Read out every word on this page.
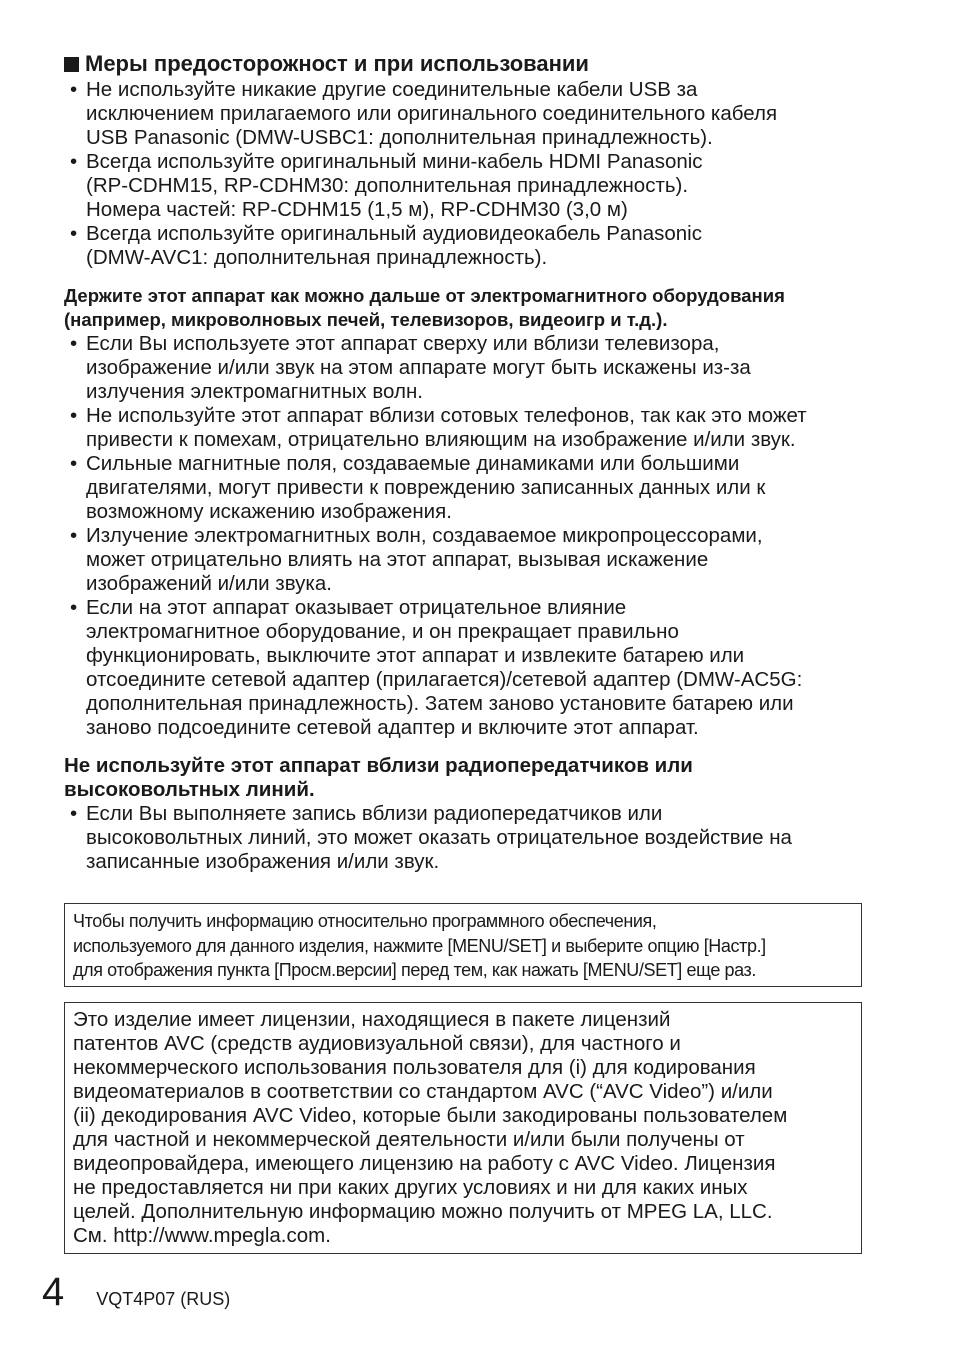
Меры предосторожност и при использовании
• Не используйте никакие другие соединительные кабели USB за
исключением прилагаемого или оригинального соединительного кабеля
USB Panasonic (DMW-USBC1: дополнительная принадлежность).
• Всегда используйте оригинальный мини-кабель HDMI Panasonic
(RP-CDHM15, RP-CDHM30: дополнительная принадлежность).
Номера частей: RP-CDHM15 (1,5 м), RP-CDHM30 (3,0 м)
• Всегда используйте оригинальный аудиовидеокабель Panasonic
(DMW-AVC1: дополнительная принадлежность).
Держите этот аппарат как можно дальше от электромагнитного оборудования
(например, микроволновых печей, телевизоров, видеоигр и т.д.).
• Если Вы используете этот аппарат сверху или вблизи телевизора,
изображение и/или звук на этом аппарате могут быть искажены из-за
излучения электромагнитных волн.
• Не используйте этот аппарат вблизи сотовых телефонов, так как это может
привести к помехам, отрицательно влияющим на изображение и/или звук.
• Сильные магнитные поля, создаваемые динамиками или большими
двигателями, могут привести к повреждению записанных данных или к
возможному искажению изображения.
• Излучение электромагнитных волн, создаваемое микропроцессорами,
может отрицательно влиять на этот аппарат, вызывая искажение
изображений и/или звука.
• Если на этот аппарат оказывает отрицательное влияние
электромагнитное оборудование, и он прекращает правильно
функционировать, выключите этот аппарат и извлеките батарею или
отсоедините сетевой адаптер (прилагается)/сетевой адаптер (DMW-AC5G:
дополнительная принадлежность). Затем заново установите батарею или
заново подсоедините сетевой адаптер и включите этот аппарат.
Не используйте этот аппарат вблизи радиопередатчиков или
высоковольтных линий.
• Если Вы выполняете запись вблизи радиопередатчиков или
высоковольтных линий, это может оказать отрицательное воздействие на
записанные изображения и/или звук.
Чтобы получить информацию относительно программного обеспечения,
используемого для данного изделия, нажмите [MENU/SET] и выберите опцию [Настр.]
для отображения пункта [Просм.версии] перед тем, как нажать [MENU/SET] еще раз.
Это изделие имеет лицензии, находящиеся в пакете лицензий
патентов AVC (средств аудиовизуальной связи), для частного и
некоммерческого использования пользователя для (i) для кодирования
видеоматериалов в соответствии со стандартом AVC (“AVC Video”) и/или
(ii) декодирования AVC Video, которые были закодированы пользователем
для частной и некоммерческой деятельности и/или были получены от
видеопровайдера, имеющего лицензию на работу с AVC Video. Лицензия
не предоставляется ни при каких других условиях и ни для каких иных
целей. Дополнительную информацию можно получить от MPEG LA, LLC.
См. http://www.mpegla.com.
4 VQT4P07 (RUS)
